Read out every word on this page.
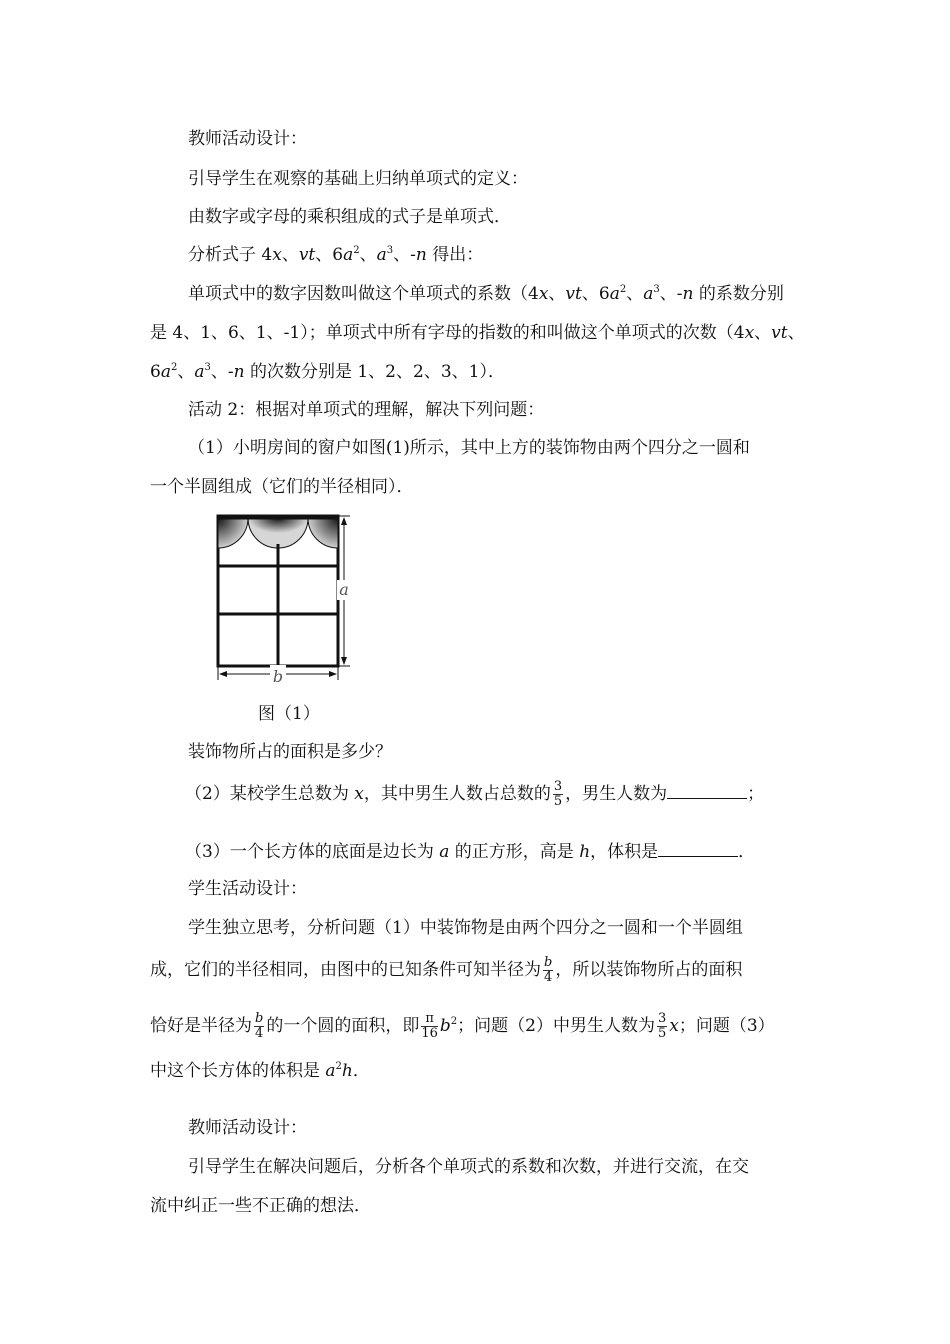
教师活动设计：
引导学生在观察的基础上归纳单项式的定义：
由数字或字母的乘积组成的式子是单项式．
分析式子 4x、vt、$6a^2$、$a^3$、-n 得出：
单项式中的数字因数叫做这个单项式的系数（4x、vt、$6a^2$、$a^3$、-n 的系数分别
是 4、1、6、1、-1）；单项式中所有字母的指数的和叫做这个单项式的次数（4x、vt、
$6a^2$、$a^3$、-n 的次数分别是 1、2、2、3、1）．
活动 2：根据对单项式的理解，解决下列问题：
（1）小明房间的窗户如图(1)所示，其中上方的装饰物由两个四分之一圆和
一个半圆组成（它们的半径相同）．
a
b
图（1）
装饰物所占的面积是多少？
（2）某校学生总数为 x，其中男生人数占总数的 $\frac{3}{5}$ ，男生人数为	；
（3）一个长方体的底面是边长为 a 的正方形，高是 h，体积是	．
学生活动设计：
学生独立思考，分析问题（1）中装饰物是由两个四分之一圆和一个半圆组
成，它们的半径相同，由图中的已知条件可知半径为 $\frac{b}{4}$ ，所以装饰物所占的面积
恰好是半径为 $\frac{b}{4}$ 的一个圆的面积，即 $\frac{\pi}{16} b^2$；问题（2）中男生人数为 $\frac{3}{5}$ x；问题（3）
中这个长方体的体积是 $a^2h$．
教师活动设计：
引导学生在解决问题后，分析各个单项式的系数和次数，并进行交流，在交
流中纠正一些不正确的想法．
